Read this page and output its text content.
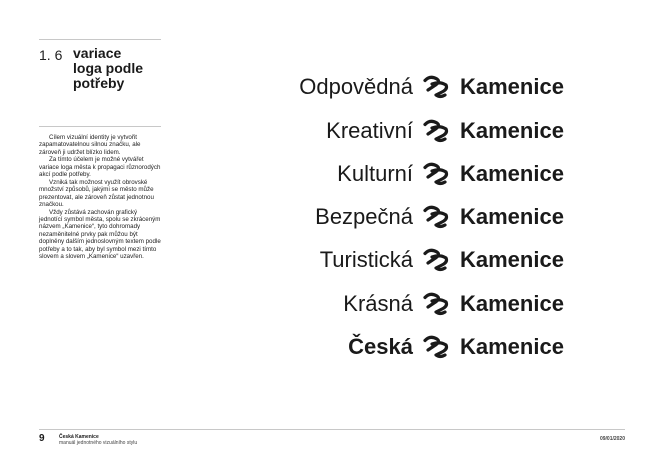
1. 6 variace
loga podle
potřeby

Cílem vizuální identity je vytvořit zapamatovatelnou silnou značku, ale zároveň ji udržet blízko lidem.

Za tímto účelem je možné vytvářet variace loga města k propagaci různorodých akcí podle potřeby.

Vzniká tak možnost využít obrovské množství způsobů, jakými se město může prezentovat, ale zároveň zůstat jednotnou značkou.

Vždy zůstává zachován grafický jednotící symbol města, spolu se zkráceným názvem „Kamenice“, tyto dohromady nezaměnitelné prvky pak můžou být doplněny dalším jednoslovným textem podle potřeby a to tak, aby byl symbol mezi tímto slovem a slovem „Kamenice“ uzavřen.

Odpovědná Kamenice
Kreativní Kamenice
Kulturní Kamenice
Bezpečná Kamenice
Turistická Kamenice
Krásná Kamenice
Česká Kamenice
9	Česká Kamenice
manuál jednotného vizuálního stylu
09/01/2020
